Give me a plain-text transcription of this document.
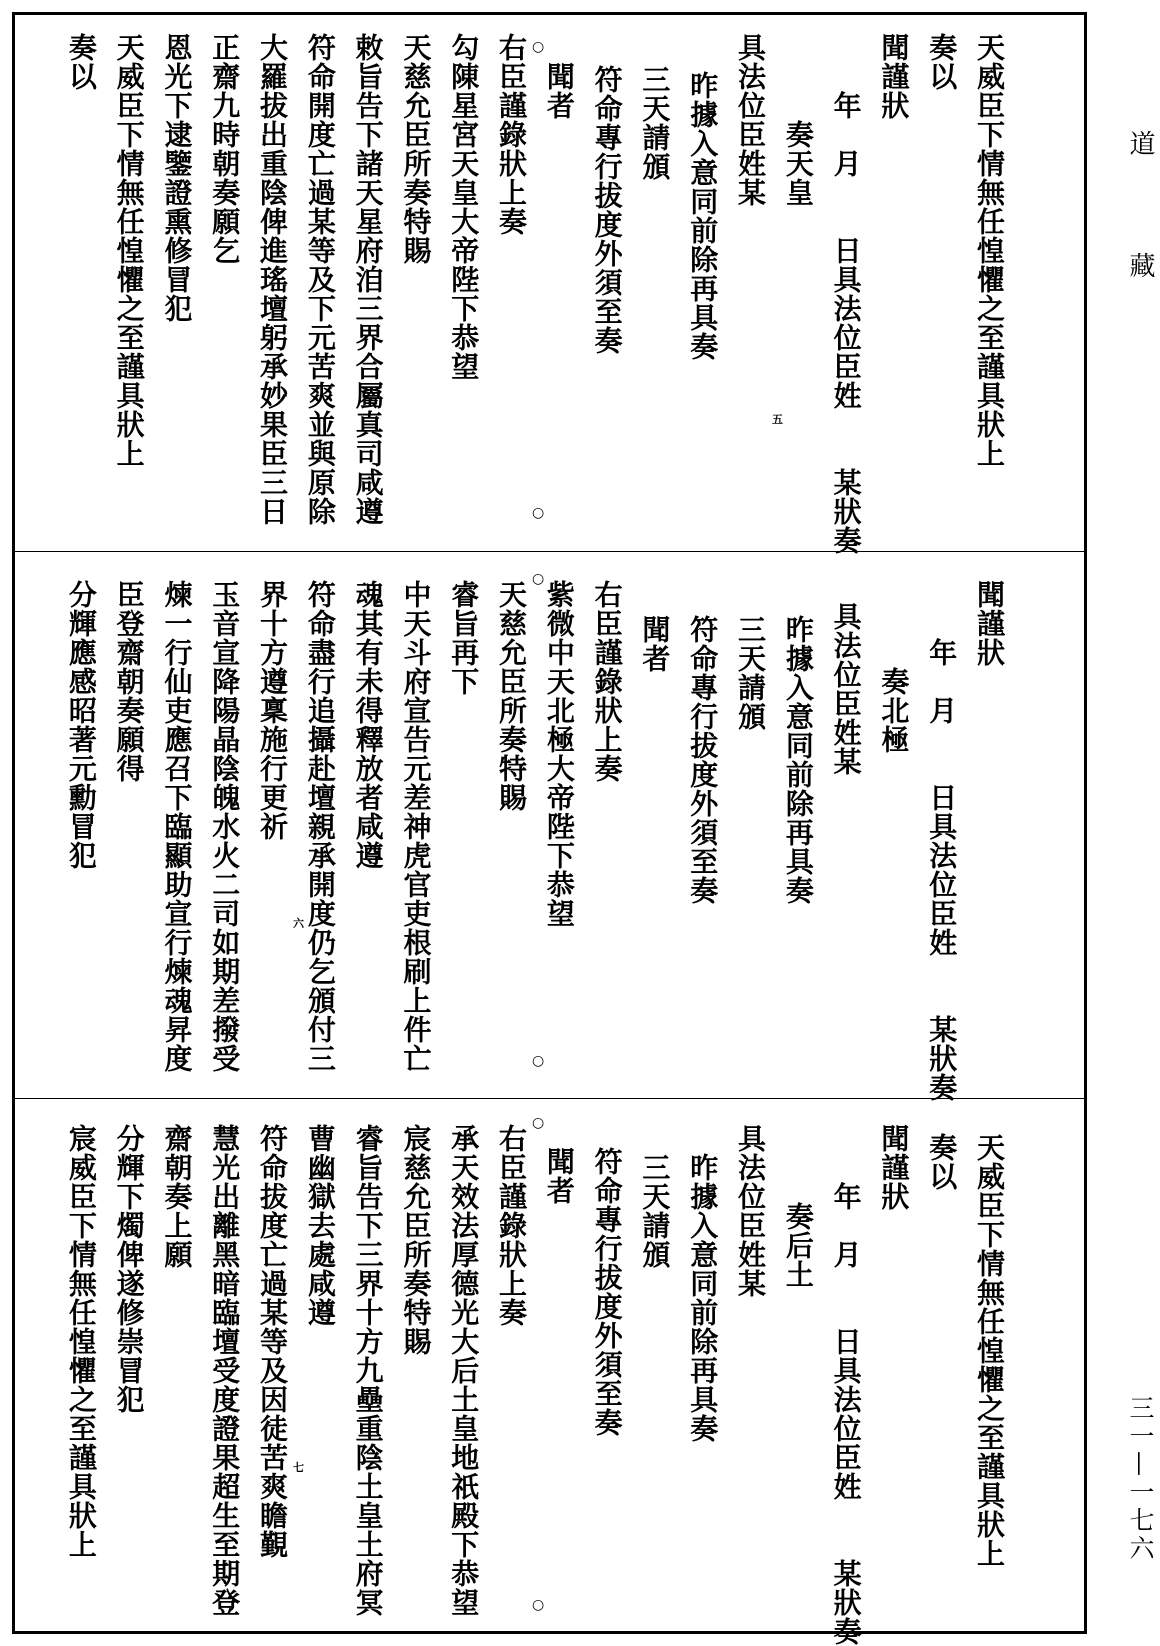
天威臣下情無任惶懼之至謹具狀上
奏以
聞謹狀
年　月　　日具法位臣姓　　某狀奏
奏天皇
具法位臣姓某
昨據入意同前除再具奏
三天請頒
符命專行拔度外須至奏
聞者
右臣謹錄狀上奏
勾陳星宮天皇大帝陛下恭望
天慈允臣所奏特賜
敕旨告下諸天星府洎三界合屬真司咸遵
符命開度亡過某等及下元苦爽並與原除
大羅拔出重陰俾進瑤壇躬承妙果臣三日
正齋九時朝奏願乞
恩光下逮鑒證熏修冒犯
天威臣下情無任惶懼之至謹具狀上
奏以
聞謹狀
年　月　　日具法位臣姓　　某狀奏
奏北極
具法位臣姓某
昨據入意同前除再具奏
三天請頒
符命專行拔度外須至奏
聞者
右臣謹錄狀上奏
紫微中天北極大帝陛下恭望
天慈允臣所奏特賜
睿旨再下
中天斗府宣告元差神虎官吏根刷上件亡
魂其有未得釋放者咸遵
符命盡行追攝赴壇親承開度仍乞頒付三
界十方遵稟施行更祈
玉音宣降陽晶陰魄水火二司如期差撥受
煉一行仙吏應召下臨顯助宣行煉魂昇度
臣登齋朝奏願得
分輝應感昭著元勳冒犯
天威臣下情無任惶懼之至謹具狀上
奏以
聞謹狀
年　月　　日具法位臣姓　　某狀奏
奏后土
具法位臣姓某
昨據入意同前除再具奏
三天請頒
符命專行拔度外須至奏
聞者
右臣謹錄狀上奏
承天效法厚德光大后土皇地祇殿下恭望
宸慈允臣所奏特賜
睿旨告下三界十方九壘重陰土皇土府冥
曹幽獄去處咸遵
符命拔度亡過某等及因徒苦爽瞻覲
慧光出離黑暗臨壇受度證果超生至期登
齋朝奏上願
分輝下燭俾遂修崇冒犯
宸威臣下情無任惶懼之至謹具狀上
道藏
三一—一七六
○
○
○
○
○
○
五
六
七
